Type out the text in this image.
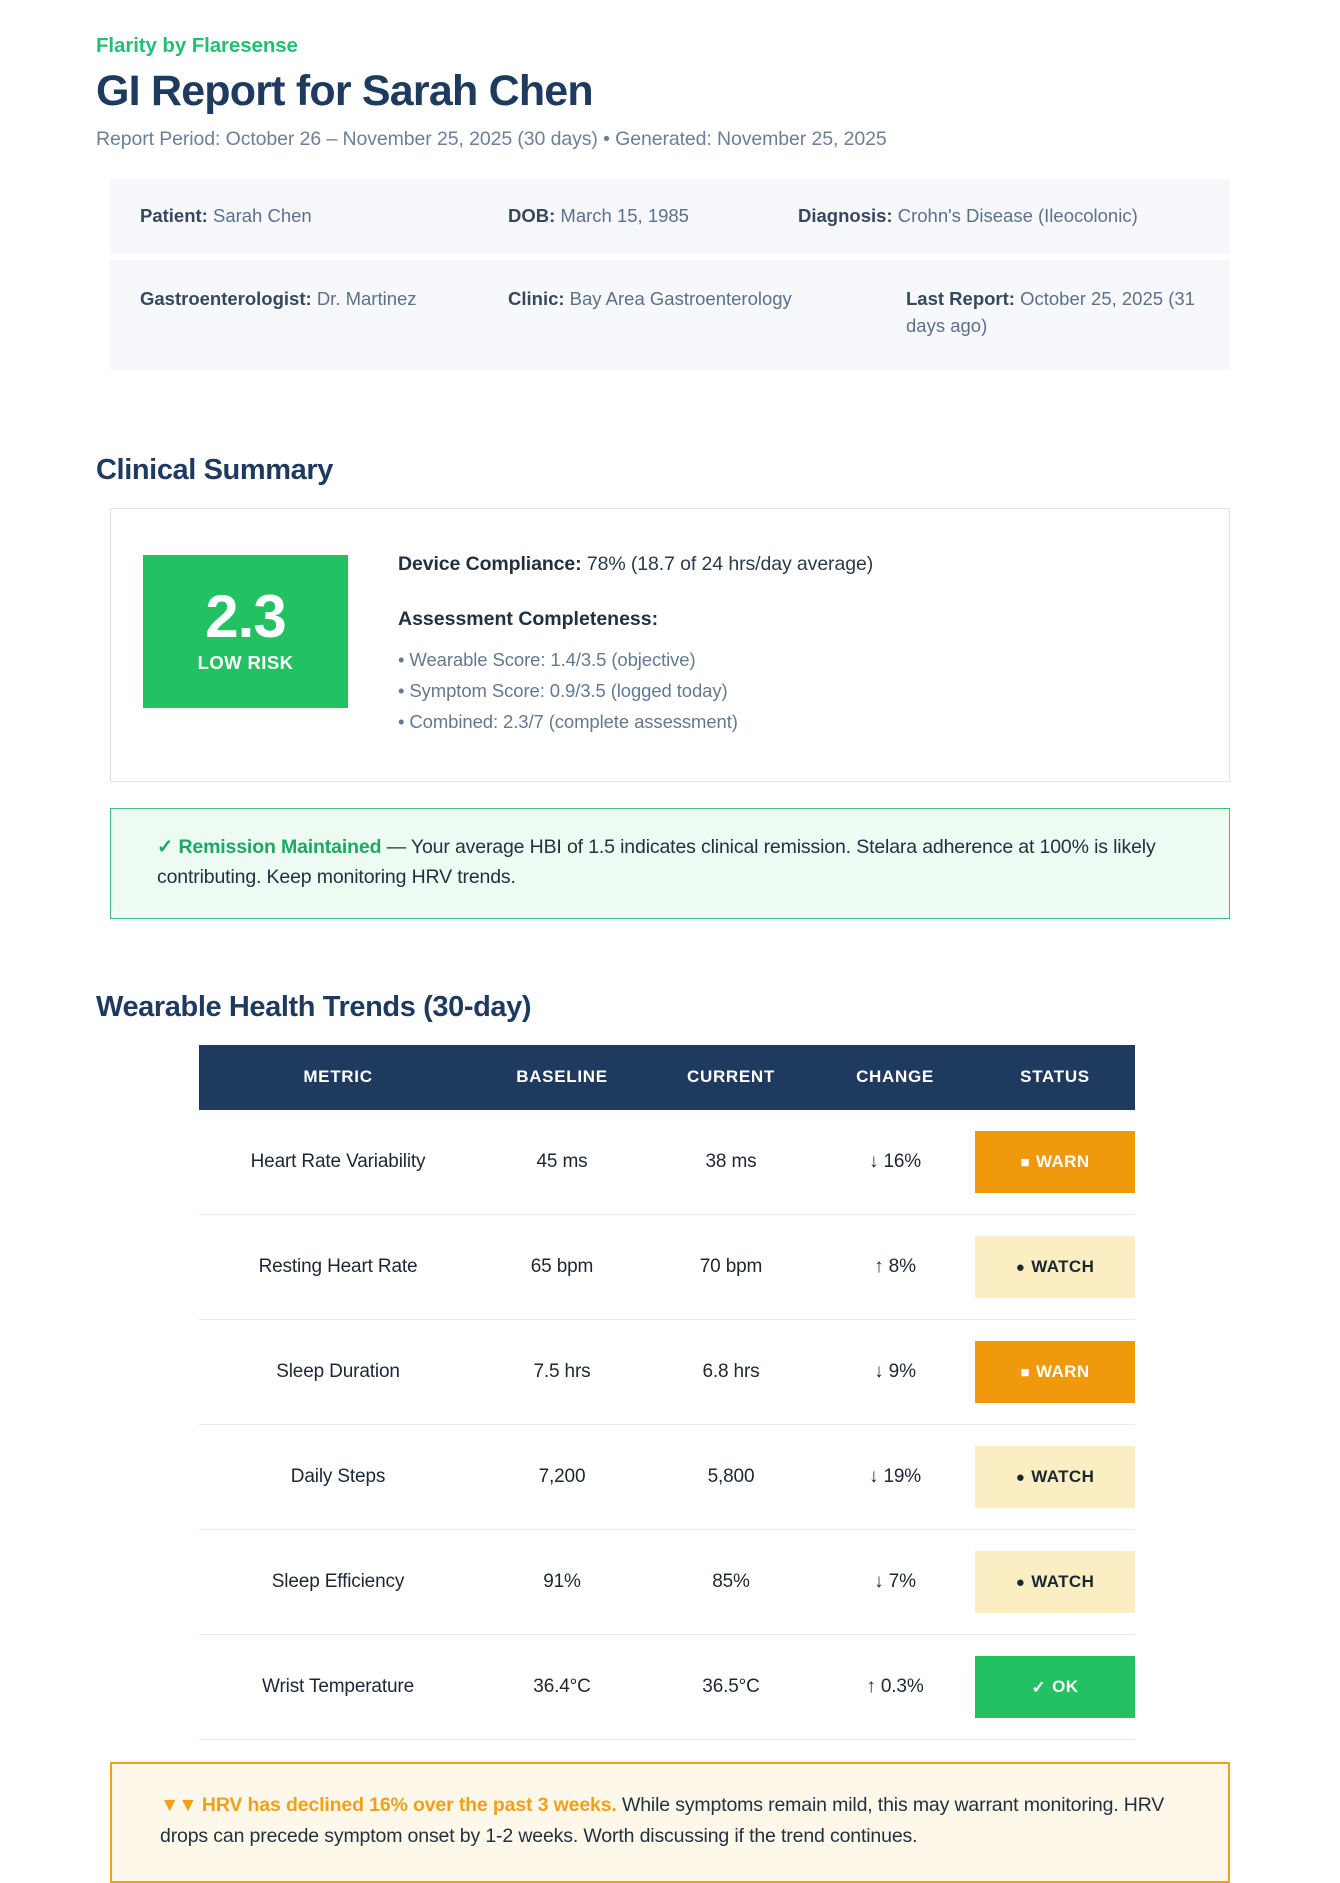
Flarity by Flaresense
GI Report for Sarah Chen
Report Period: October 26 – November 25, 2025 (30 days) • Generated: November 25, 2025
Patient: Sarah Chen	DOB: March 15, 1985	Diagnosis: Crohn's Disease (Ileocolonic)
Gastroenterologist: Dr. Martinez	Clinic: Bay Area Gastroenterology	Last Report: October 25, 2025 (31 days ago)
Clinical Summary
2.3
LOW RISK
Device Compliance: 78% (18.7 of 24 hrs/day average)
Assessment Completeness:
• Wearable Score: 1.4/3.5 (objective)
• Symptom Score: 0.9/3.5 (logged today)
• Combined: 2.3/7 (complete assessment)
✓ Remission Maintained — Your average HBI of 1.5 indicates clinical remission. Stelara adherence at 100% is likely contributing. Keep monitoring HRV trends.
Wearable Health Trends (30-day)
METRIC	BASELINE	CURRENT	CHANGE	STATUS
Heart Rate Variability	45 ms	38 ms	↓ 16%	■ WARN

Resting Heart Rate	65 bpm	70 bpm	↑ 8%	● WATCH

Sleep Duration	7.5 hrs	6.8 hrs	↓ 9%	■ WARN

Daily Steps	7,200	5,800	↓ 19%	● WATCH

Sleep Efficiency	91%	85%	↓ 7%	● WATCH

Wrist Temperature	36.4°C	36.5°C	↑ 0.3%	✓ OK
▼▼ HRV has declined 16% over the past 3 weeks. While symptoms remain mild, this may warrant monitoring. HRV drops can precede symptom onset by 1-2 weeks. Worth discussing if the trend continues.
